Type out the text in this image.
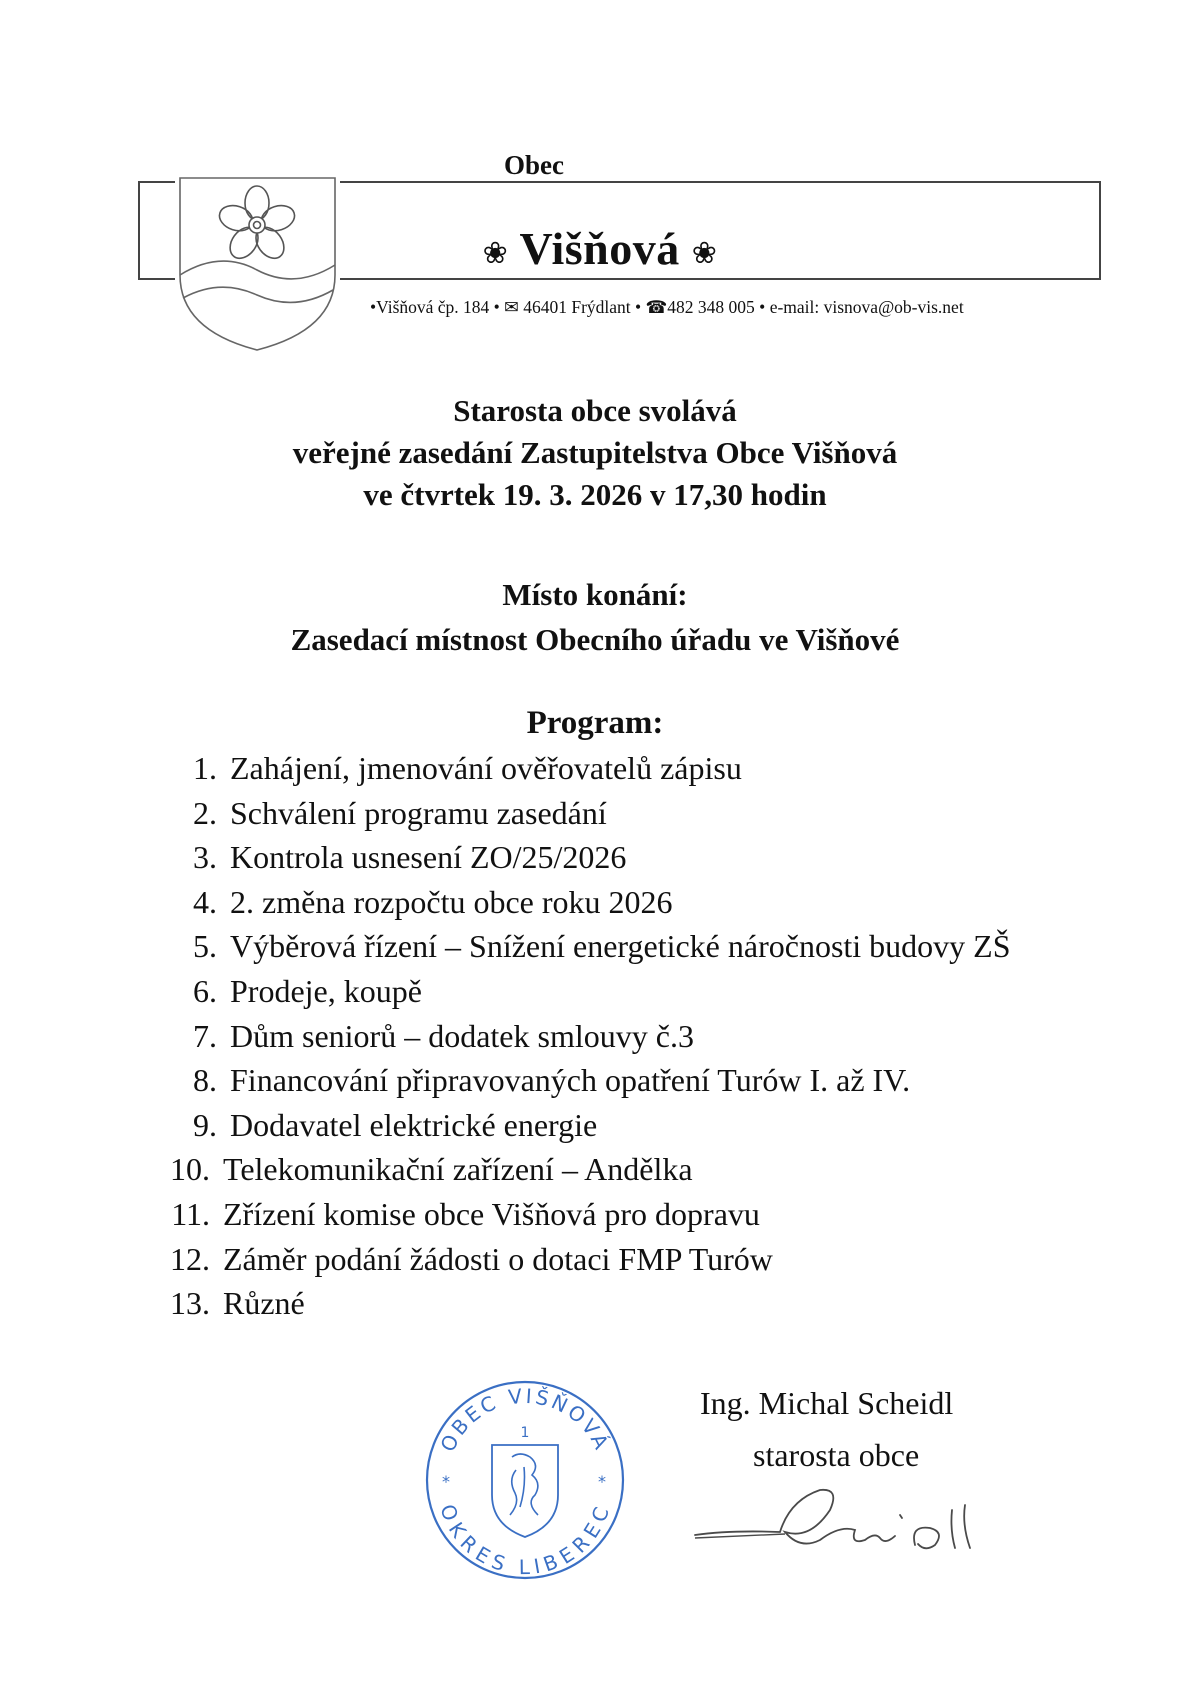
Obec
❀ Višňová ❀
•Višňová čp. 184 • ✉ 46401 Frýdlant • ☎482 348 005 • e-mail: visnova@ob-vis.net
Starosta obce svolává
veřejné zasedání Zastupitelstva Obce Višňová
ve čtvrtek 19. 3. 2026 v 17,30 hodin
Místo konání:
Zasedací místnost Obecního úřadu ve Višňové
Program:
1. Zahájení, jmenování ověřovatelů zápisu
2. Schválení programu zasedání
3. Kontrola usnesení ZO/25/2026
4. 2. změna rozpočtu obce roku 2026
5. Výběrová řízení – Snížení energetické náročnosti budovy ZŠ
6. Prodeje, koupě
7. Dům seniorů – dodatek smlouvy č.3
8. Financování připravovaných opatření Turów I. až IV.
9. Dodavatel elektrické energie
10. Telekomunikační zařízení – Andělka
11. Zřízení komise obce Višňová pro dopravu
12. Záměr podání žádosti o dotaci FMP Turów
13. Různé
OBEC VIŠŇOVÁ
OKRES LIBEREC
1
*	*
Ing. Michal Scheidl
starosta obce
